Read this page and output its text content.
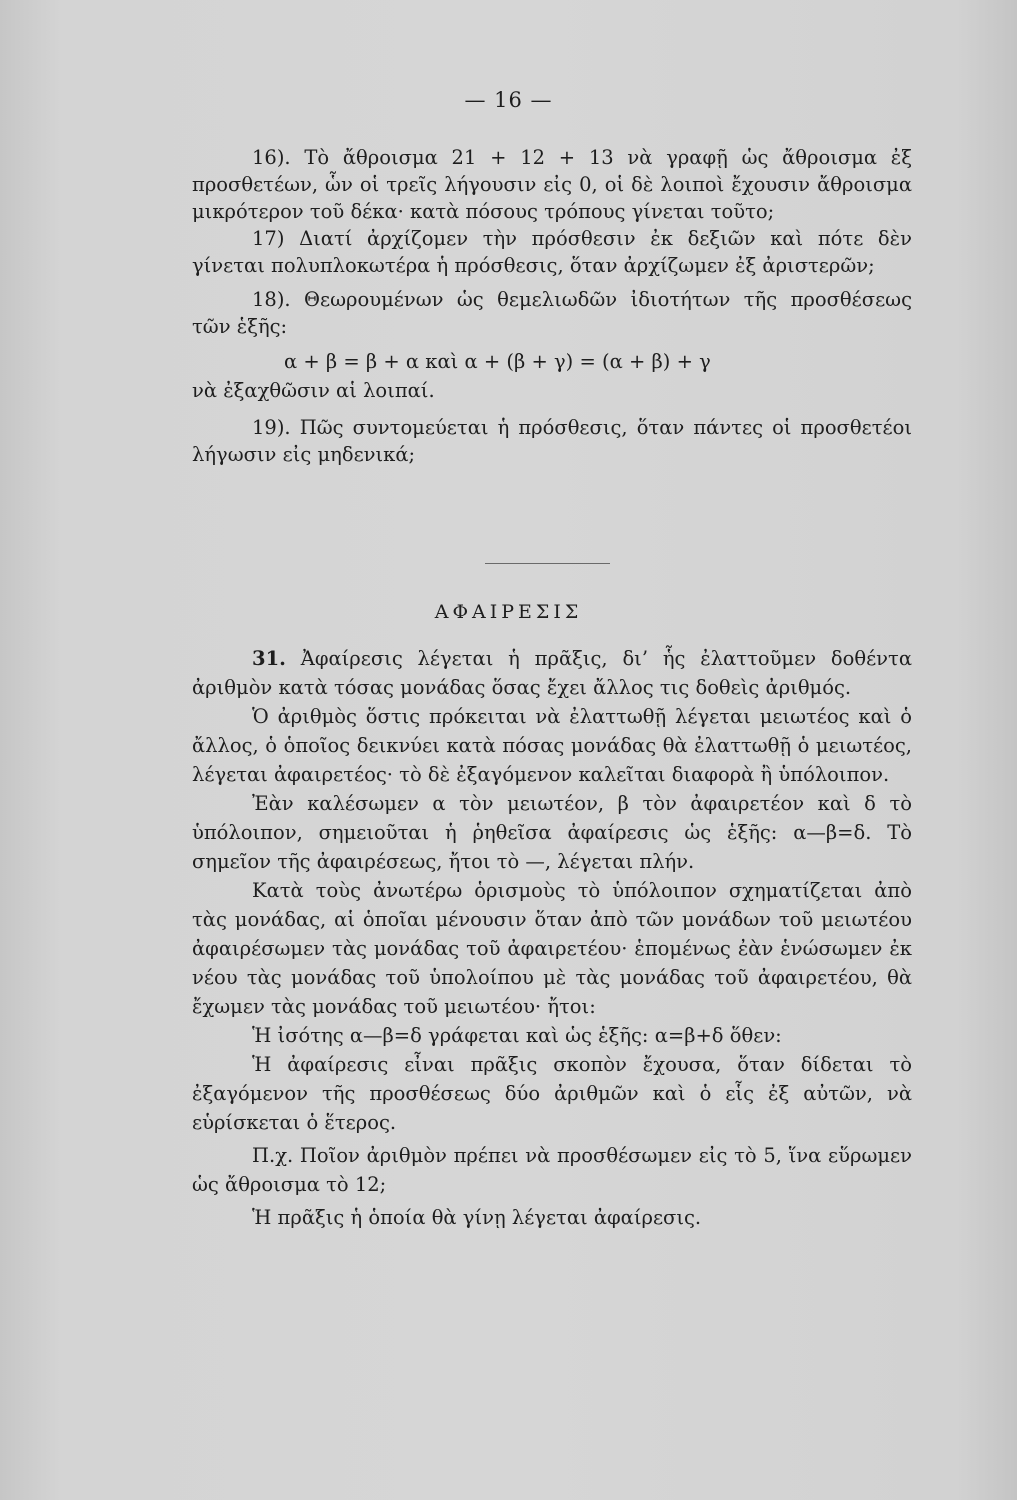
— 16 —

16). Τὸ ἄθροισμα 21 + 12 + 13 νὰ γραφῇ ὡς ἄθροισμα ἐξ προσθετέων, ὧν οἱ τρεῖς λήγουσιν εἰς 0, οἱ δὲ λοιποὶ ἔχουσιν ἄθροισμα μικρότερον τοῦ δέκα· κατὰ πόσους τρόπους γίνεται τοῦτο;

17) Διατί ἀρχίζομεν τὴν πρόσθεσιν ἐκ δεξιῶν καὶ πότε δὲν γίνεται πολυπλοκωτέρα ἡ πρόσθεσις, ὅταν ἀρχίζωμεν ἐξ ἀριστερῶν;

18). Θεωρουμένων ὡς θεμελιωδῶν ἰδιοτήτων τῆς προσθέσεως τῶν ἑξῆς:

α + β = β + α καὶ α + (β + γ) = (α + β) + γ

νὰ ἐξαχθῶσιν αἱ λοιπαί.

19). Πῶς συντομεύεται ἡ πρόσθεσις, ὅταν πάντες οἱ προσθετέοι λήγωσιν εἰς μηδενικά;

ΑΦΑΙΡΕΣΙΣ

31. Ἀφαίρεσις λέγεται ἡ πρᾶξις, δι’ ἧς ἐλαττοῦμεν δοθέντα ἀριθμὸν κατὰ τόσας μονάδας ὅσας ἔχει ἄλλος τις δοθεὶς ἀριθμός.

Ὁ ἀριθμὸς ὅστις πρόκειται νὰ ἐλαττωθῇ λέγεται μειωτέος καὶ ὁ ἄλλος, ὁ ὁποῖος δεικνύει κατὰ πόσας μονάδας θὰ ἐλαττωθῇ ὁ μειωτέος, λέγεται ἀφαιρετέος· τὸ δὲ ἐξαγόμενον καλεῖται διαφορὰ ἢ ὑπόλοιπον.

Ἐὰν καλέσωμεν α τὸν μειωτέον, β τὸν ἀφαιρετέον καὶ δ τὸ ὑπόλοιπον, σημειοῦται ἡ ῥηθεῖσα ἀφαίρεσις ὡς ἑξῆς: α—β=δ. Τὸ σημεῖον τῆς ἀφαιρέσεως, ἤτοι τὸ —, λέγεται πλήν.

Κατὰ τοὺς ἀνωτέρω ὁρισμοὺς τὸ ὑπόλοιπον σχηματίζεται ἀπὸ τὰς μονάδας, αἱ ὁποῖαι μένουσιν ὅταν ἀπὸ τῶν μονάδων τοῦ μειωτέου ἀφαιρέσωμεν τὰς μονάδας τοῦ ἀφαιρετέου· ἑπομένως ἐὰν ἑνώσωμεν ἐκ νέου τὰς μονάδας τοῦ ὑπολοίπου μὲ τὰς μονάδας τοῦ ἀφαιρετέου, θὰ ἔχωμεν τὰς μονάδας τοῦ μειωτέου· ἤτοι:

Ἡ ἰσότης α—β=δ γράφεται καὶ ὡς ἑξῆς: α=β+δ ὅθεν:

Ἡ ἀφαίρεσις εἶναι πρᾶξις σκοπὸν ἔχουσα, ὅταν δίδεται τὸ ἐξαγόμενον τῆς προσθέσεως δύο ἀριθμῶν καὶ ὁ εἷς ἐξ αὐτῶν, νὰ εὑρίσκεται ὁ ἕτερος.

Π.χ. Ποῖον ἀριθμὸν πρέπει νὰ προσθέσωμεν εἰς τὸ 5, ἵνα εὕρωμεν ὡς ἄθροισμα τὸ 12;

Ἡ πρᾶξις ἡ ὁποία θὰ γίνῃ λέγεται ἀφαίρεσις.
